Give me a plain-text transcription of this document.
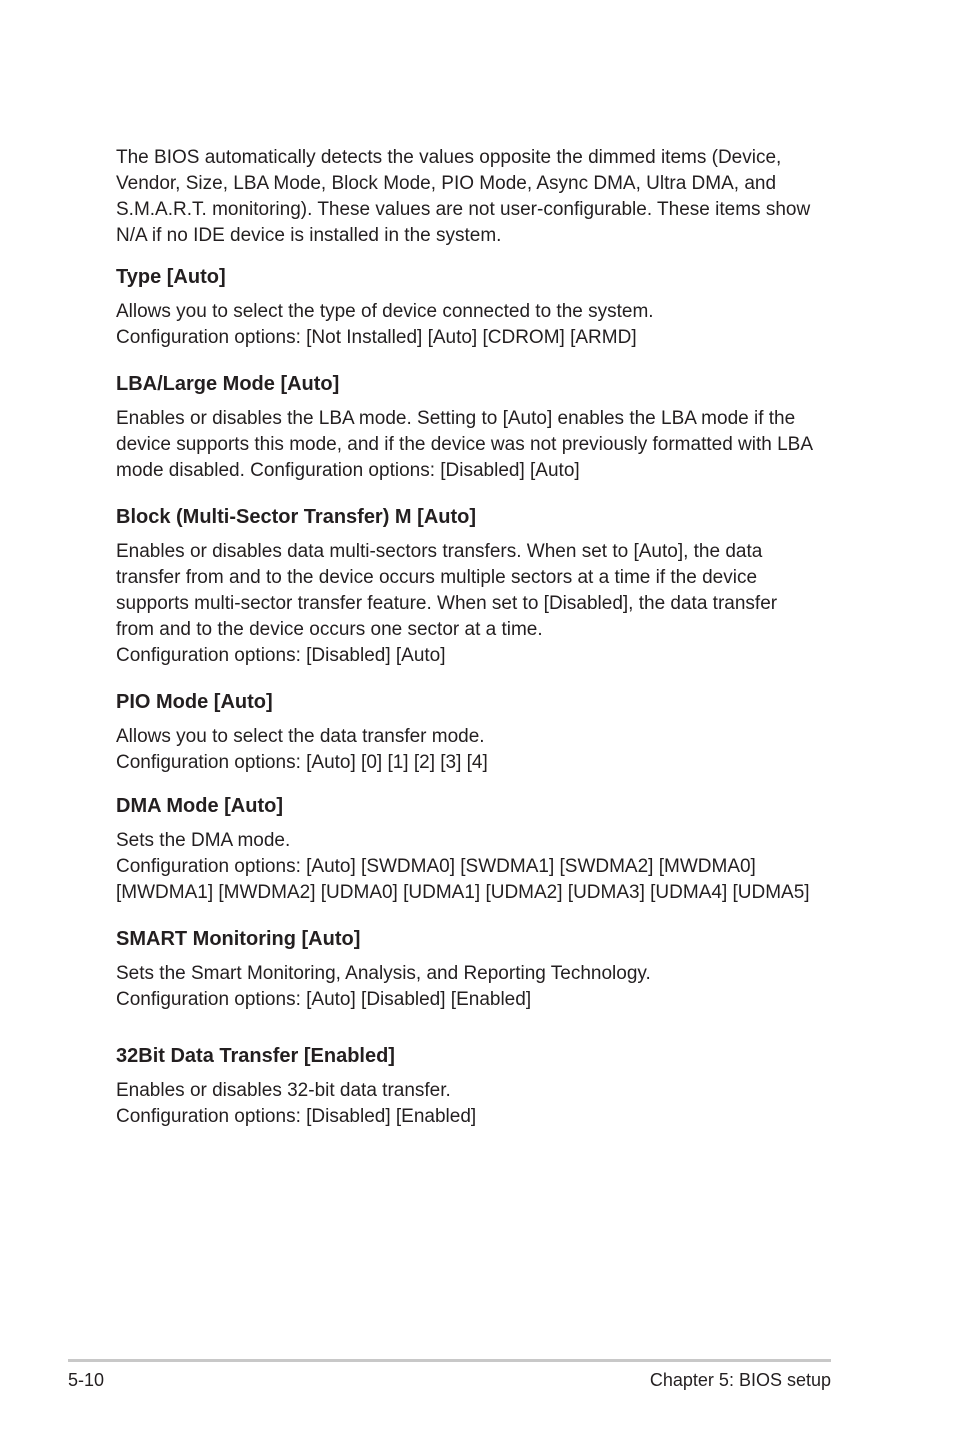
The BIOS automatically detects the values opposite the dimmed items (Device,
Vendor, Size, LBA Mode, Block Mode, PIO Mode, Async DMA, Ultra DMA, and
S.M.A.R.T. monitoring). These values are not user-configurable. These items show
N/A if no IDE device is installed in the system.
Type [Auto]
Allows you to select the type of device connected to the system.
Configuration options: [Not Installed] [Auto] [CDROM] [ARMD]
LBA/Large Mode [Auto]
Enables or disables the LBA mode. Setting to [Auto] enables the LBA mode if the
device supports this mode, and if the device was not previously formatted with LBA
mode disabled. Configuration options: [Disabled] [Auto]
Block (Multi-Sector Transfer) M [Auto]
Enables or disables data multi-sectors transfers. When set to [Auto], the data
transfer from and to the device occurs multiple sectors at a time if the device
supports multi-sector transfer feature. When set to [Disabled], the data transfer
from and to the device occurs one sector at a time.
Configuration options: [Disabled] [Auto]
PIO Mode [Auto]
Allows you to select the data transfer mode.
Configuration options: [Auto] [0] [1] [2] [3] [4]
DMA Mode [Auto]
Sets the DMA mode.
Configuration options: [Auto] [SWDMA0] [SWDMA1] [SWDMA2] [MWDMA0]
[MWDMA1] [MWDMA2] [UDMA0] [UDMA1] [UDMA2] [UDMA3] [UDMA4] [UDMA5]
SMART Monitoring [Auto]
Sets the Smart Monitoring, Analysis, and Reporting Technology.
Configuration options: [Auto] [Disabled] [Enabled]
32Bit Data Transfer [Enabled]
Enables or disables 32-bit data transfer.
Configuration options: [Disabled] [Enabled]
5-10	Chapter 5: BIOS setup
